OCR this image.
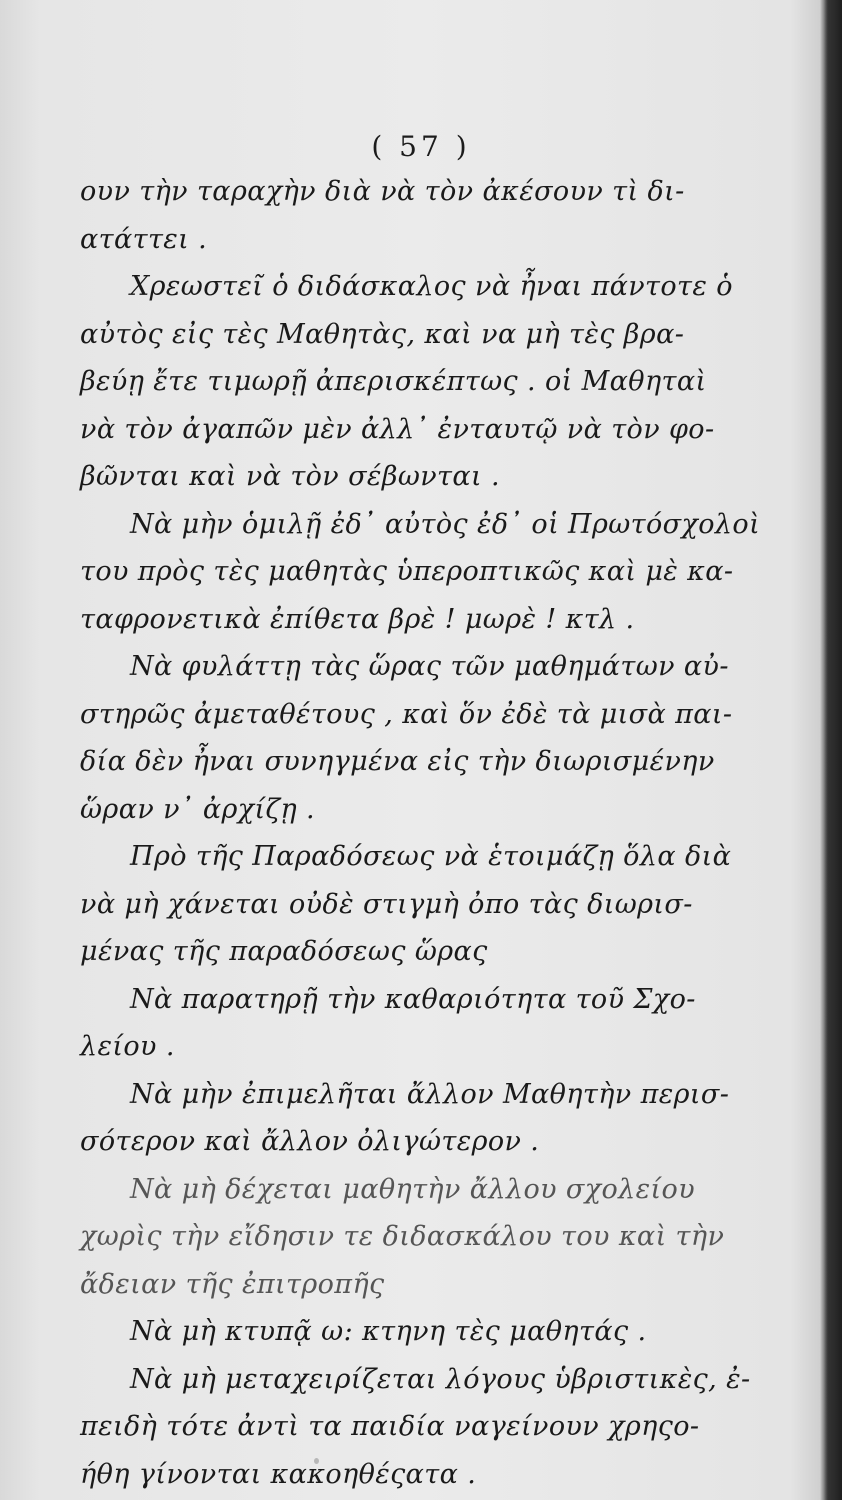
( 57 )
ουν τὴν ταραχὴν διὰ νὰ τὸν ἀκέσουν τὶ δι-
ατάττει .
Χρεωστεῖ ὁ διδάσκαλος νὰ ἦναι πάντοτε ὁ
αὐτὸς εἰς τὲς Μαθητὰς, καὶ να μὴ τὲς βρα-
βεύῃ ἔτε τιμωρῇ ἀπερισκέπτως . οἱ Μαθηταὶ
νὰ τὸν ἀγαπῶν μὲν ἀλλ᾽ ἐνταυτῷ νὰ τὸν φο-
βῶνται καὶ νὰ τὸν σέβωνται .
Νὰ μὴν ὁμιλῇ ἐδ᾽ αὐτὸς ἐδ᾽ οἱ Πρωτόσχολοὶ
του πρὸς τὲς μαθητὰς ὑπεροπτικῶς καὶ μὲ κα-
ταφρονετικὰ ἐπίθετα βρὲ ! μωρὲ ! κτλ .
Νὰ φυλάττῃ τὰς ὥρας τῶν μαθημάτων αὐ-
στηρῶς ἀμεταθέτους , καὶ ὅν ἐδὲ τὰ μισὰ παι-
δία δὲν ἦναι συνηγμένα εἰς τὴν διωρισμένην
ὥραν ν᾽ ἀρχίζῃ .
Πρὸ τῆς Παραδόσεως νὰ ἑτοιμάζῃ ὅλα διὰ
νὰ μὴ χάνεται οὐδὲ στιγμὴ ὀπο τὰς διωρισ-
μένας τῆς παραδόσεως ὥρας
Νὰ παρατηρῇ τὴν καθαριότητα τοῦ Σχο-
λείου .
Νὰ μὴν ἐπιμελῆται ἄλλον Μαθητὴν περισ-
σότερον καὶ ἄλλον ὀλιγώτερον .
Νὰ μὴ δέχεται μαθητὴν ἄλλου σχολείου
χωρὶς τὴν εἴδησιν τε διδασκάλου του καὶ τὴν
ἄδειαν τῆς ἐπιτροπῆς
Νὰ μὴ κτυπᾷ ω: κτηνη τὲς μαθητάς .
Νὰ μὴ μεταχειρίζεται λόγους ὑβριστικὲς, ἐ-
πειδὴ τότε ἀντὶ τα παιδία ναγείνουν χρηςο-
ήθη γίνονται κακοηθέςατα .
